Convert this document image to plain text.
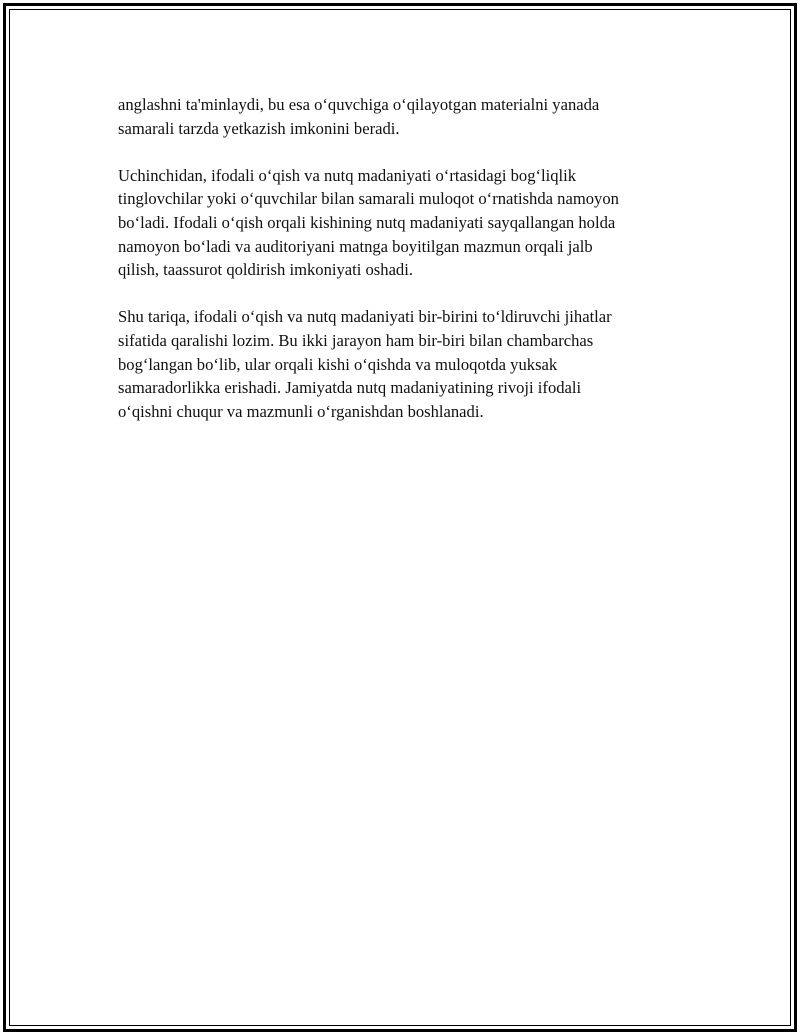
anglashni ta'minlaydi, bu esa o‘quvchiga o‘qilayotgan materialni yanada
samarali tarzda yetkazish imkonini beradi.

Uchinchidan, ifodali o‘qish va nutq madaniyati o‘rtasidagi bog‘liqlik
tinglovchilar yoki o‘quvchilar bilan samarali muloqot o‘rnatishda namoyon
bo‘ladi. Ifodali o‘qish orqali kishining nutq madaniyati sayqallangan holda
namoyon bo‘ladi va auditoriyani matnga boyitilgan mazmun orqali jalb
qilish, taassurot qoldirish imkoniyati oshadi.

Shu tariqa, ifodali o‘qish va nutq madaniyati bir-birini to‘ldiruvchi jihatlar
sifatida qaralishi lozim. Bu ikki jarayon ham bir-biri bilan chambarchas
bog‘langan bo‘lib, ular orqali kishi o‘qishda va muloqotda yuksak
samaradorlikka erishadi. Jamiyatda nutq madaniyatining rivoji ifodali
o‘qishni chuqur va mazmunli o‘rganishdan boshlanadi.
